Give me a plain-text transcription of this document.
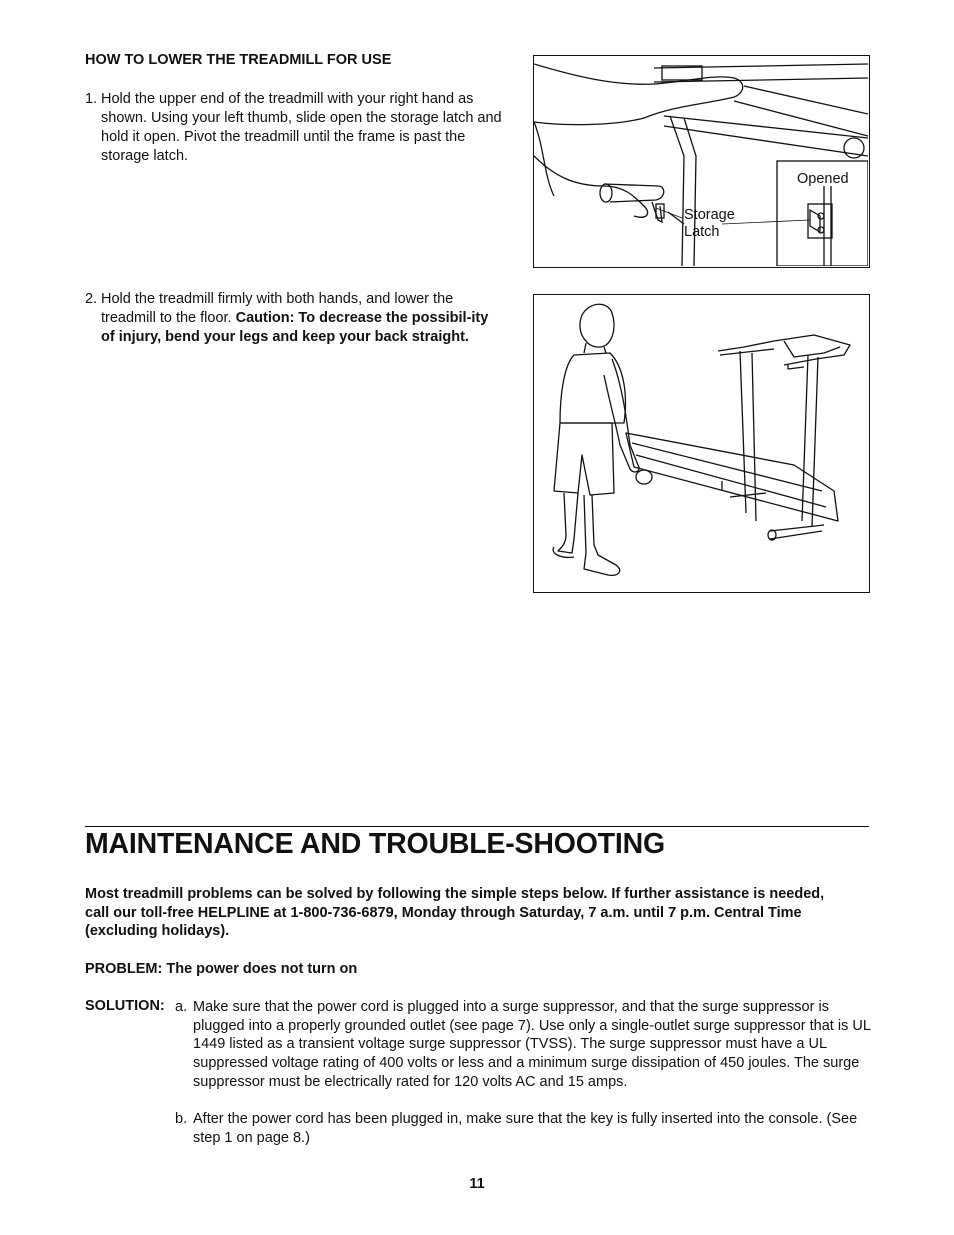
HOW TO LOWER THE TREADMILL FOR USE
1. Hold the upper end of the treadmill with your right hand as shown. Using your left thumb, slide open the storage latch and hold it open. Pivot the treadmill until the frame is past the storage latch.
2. Hold the treadmill firmly with both hands, and lower the treadmill to the floor. Caution: To decrease the possibil-ity of injury, bend your legs and keep your back straight.
Storage
Latch
Opened
MAINTENANCE AND TROUBLE-SHOOTING
Most treadmill problems can be solved by following the simple steps below. If further assistance is needed, call our toll-free HELPLINE at 1-800-736-6879, Monday through Saturday, 7 a.m. until 7 p.m. Central Time (excluding holidays).
PROBLEM: The power does not turn on
SOLUTION: a. Make sure that the power cord is plugged into a surge suppressor, and that the surge suppressor is plugged into a properly grounded outlet (see page 7). Use only a single-outlet surge suppressor that is UL 1449 listed as a transient voltage surge suppressor (TVSS). The surge suppressor must have a UL suppressed voltage rating of 400 volts or less and a minimum surge dissipation of 450 joules. The surge suppressor must be electrically rated for 120 volts AC and 15 amps.
b. After the power cord has been plugged in, make sure that the key is fully inserted into the console. (See step 1 on page 8.)
11
